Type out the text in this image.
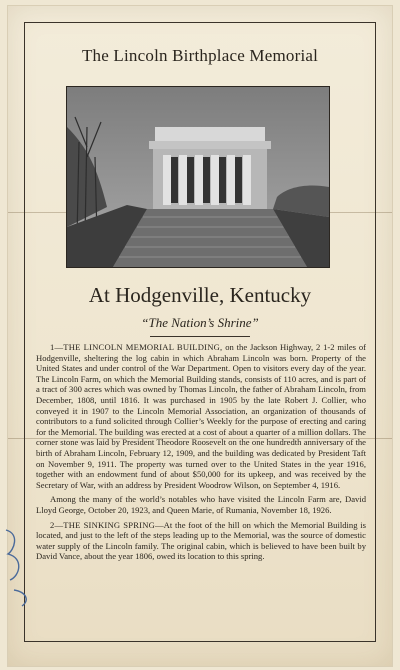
The Lincoln Birthplace Memorial
At Hodgenville, Kentucky
“The Nation’s Shrine”

1—THE LINCOLN MEMORIAL BUILDING, on the Jackson Highway, 2 1-2 miles of Hodgenville, sheltering the log cabin in which Abraham Lincoln was born. Property of the United States and under control of the War Department. Open to visitors every day of the year. The Lincoln Farm, on which the Memorial Building stands, consists of 110 acres, and is part of a tract of 300 acres which was owned by Thomas Lincoln, the father of Abraham Lincoln, from December, 1808, until 1816. It was purchased in 1905 by the late Robert J. Collier, who conveyed it in 1907 to the Lincoln Memorial Association, an organization of thousands of contributors to a fund solicited through Collier’s Weekly for the purpose of erecting and caring for the Memorial. The building was erected at a cost of about a quarter of a million dollars. The corner stone was laid by President Theodore Roosevelt on the one hundredth anniversary of the birth of Abraham Lincoln, February 12, 1909, and the building was dedicated by President Taft on November 9, 1911. The property was turned over to the United States in the year 1916, together with an endowment fund of about $50,000 for its upkeep, and was received by the Secretary of War, with an address by President Woodrow Wilson, on September 4, 1916.

Among the many of the world’s notables who have visited the Lincoln Farm are, David Lloyd George, October 20, 1923, and Queen Marie, of Rumania, November 18, 1926.

2—THE SINKING SPRING—At the foot of the hill on which the Memorial Building is located, and just to the left of the steps leading up to the Memorial, was the source of domestic water supply of the Lincoln family. The original cabin, which is believed to have been built by David Vance, about the year 1806, owed its location to this spring.
